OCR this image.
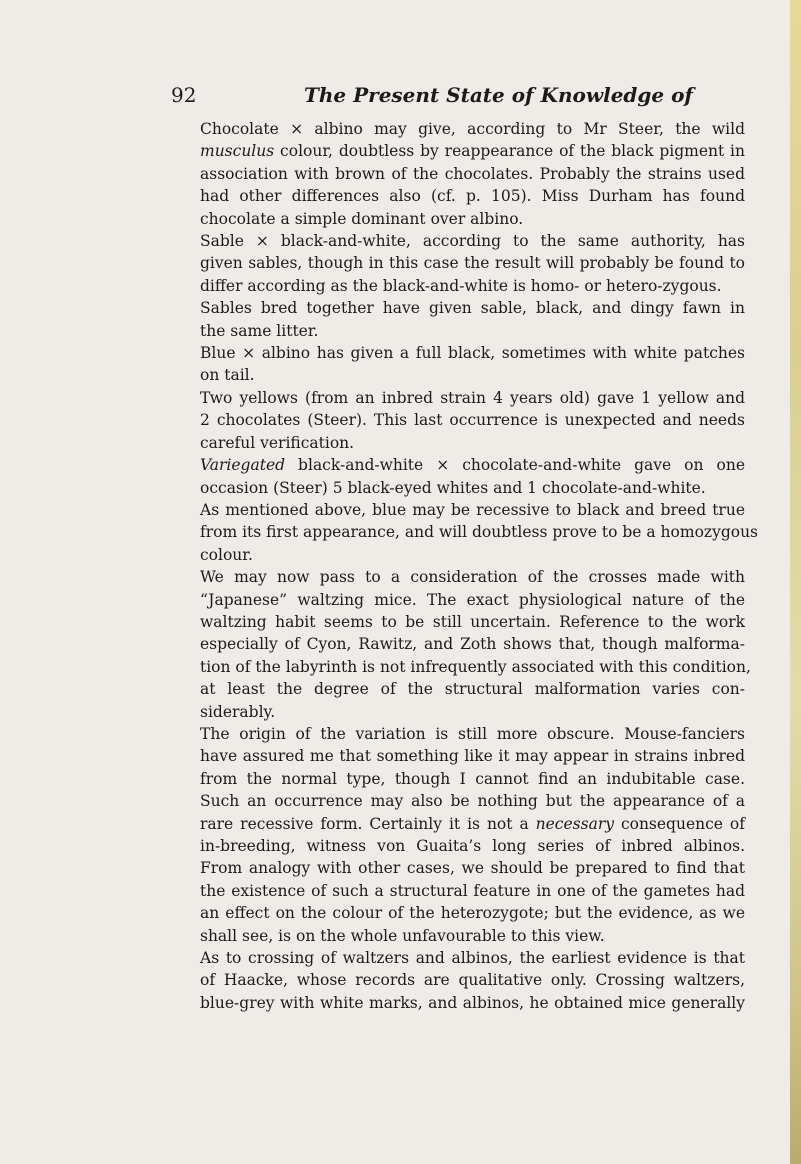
92	The Present State of Knowledge of

Chocolate × albino may give, according to Mr Steer, the wild
musculus colour, doubtless by reappearance of the black pigment in
association with brown of the chocolates. Probably the strains used
had other differences also (cf. p. 105). Miss Durham has found
chocolate a simple dominant over albino.

Sable × black-and-white, according to the same authority, has
given sables, though in this case the result will probably be found to
differ according as the black-and-white is homo- or hetero-zygous.

Sables bred together have given sable, black, and dingy fawn in
the same litter.

Blue × albino has given a full black, sometimes with white patches
on tail.

Two yellows (from an inbred strain 4 years old) gave 1 yellow and
2 chocolates (Steer). This last occurrence is unexpected and needs
careful verification.

Variegated black-and-white × chocolate-and-white gave on one
occasion (Steer) 5 black-eyed whites and 1 chocolate-and-white.

As mentioned above, blue may be recessive to black and breed true
from its first appearance, and will doubtless prove to be a homozygous
colour.

We may now pass to a consideration of the crosses made with
“Japanese” waltzing mice. The exact physiological nature of the
waltzing habit seems to be still uncertain. Reference to the work
especially of Cyon, Rawitz, and Zoth shows that, though malforma-
tion of the labyrinth is not infrequently associated with this condition,
at least the degree of the structural malformation varies con-
siderably.

The origin of the variation is still more obscure. Mouse-fanciers
have assured me that something like it may appear in strains inbred
from the normal type, though I cannot find an indubitable case.
Such an occurrence may also be nothing but the appearance of a
rare recessive form. Certainly it is not a necessary consequence of
in-breeding, witness von Guaita’s long series of inbred albinos.
From analogy with other cases, we should be prepared to find that
the existence of such a structural feature in one of the gametes had
an effect on the colour of the heterozygote; but the evidence, as we
shall see, is on the whole unfavourable to this view.

As to crossing of waltzers and albinos, the earliest evidence is that
of Haacke, whose records are qualitative only. Crossing waltzers,
blue-grey with white marks, and albinos, he obtained mice generally
